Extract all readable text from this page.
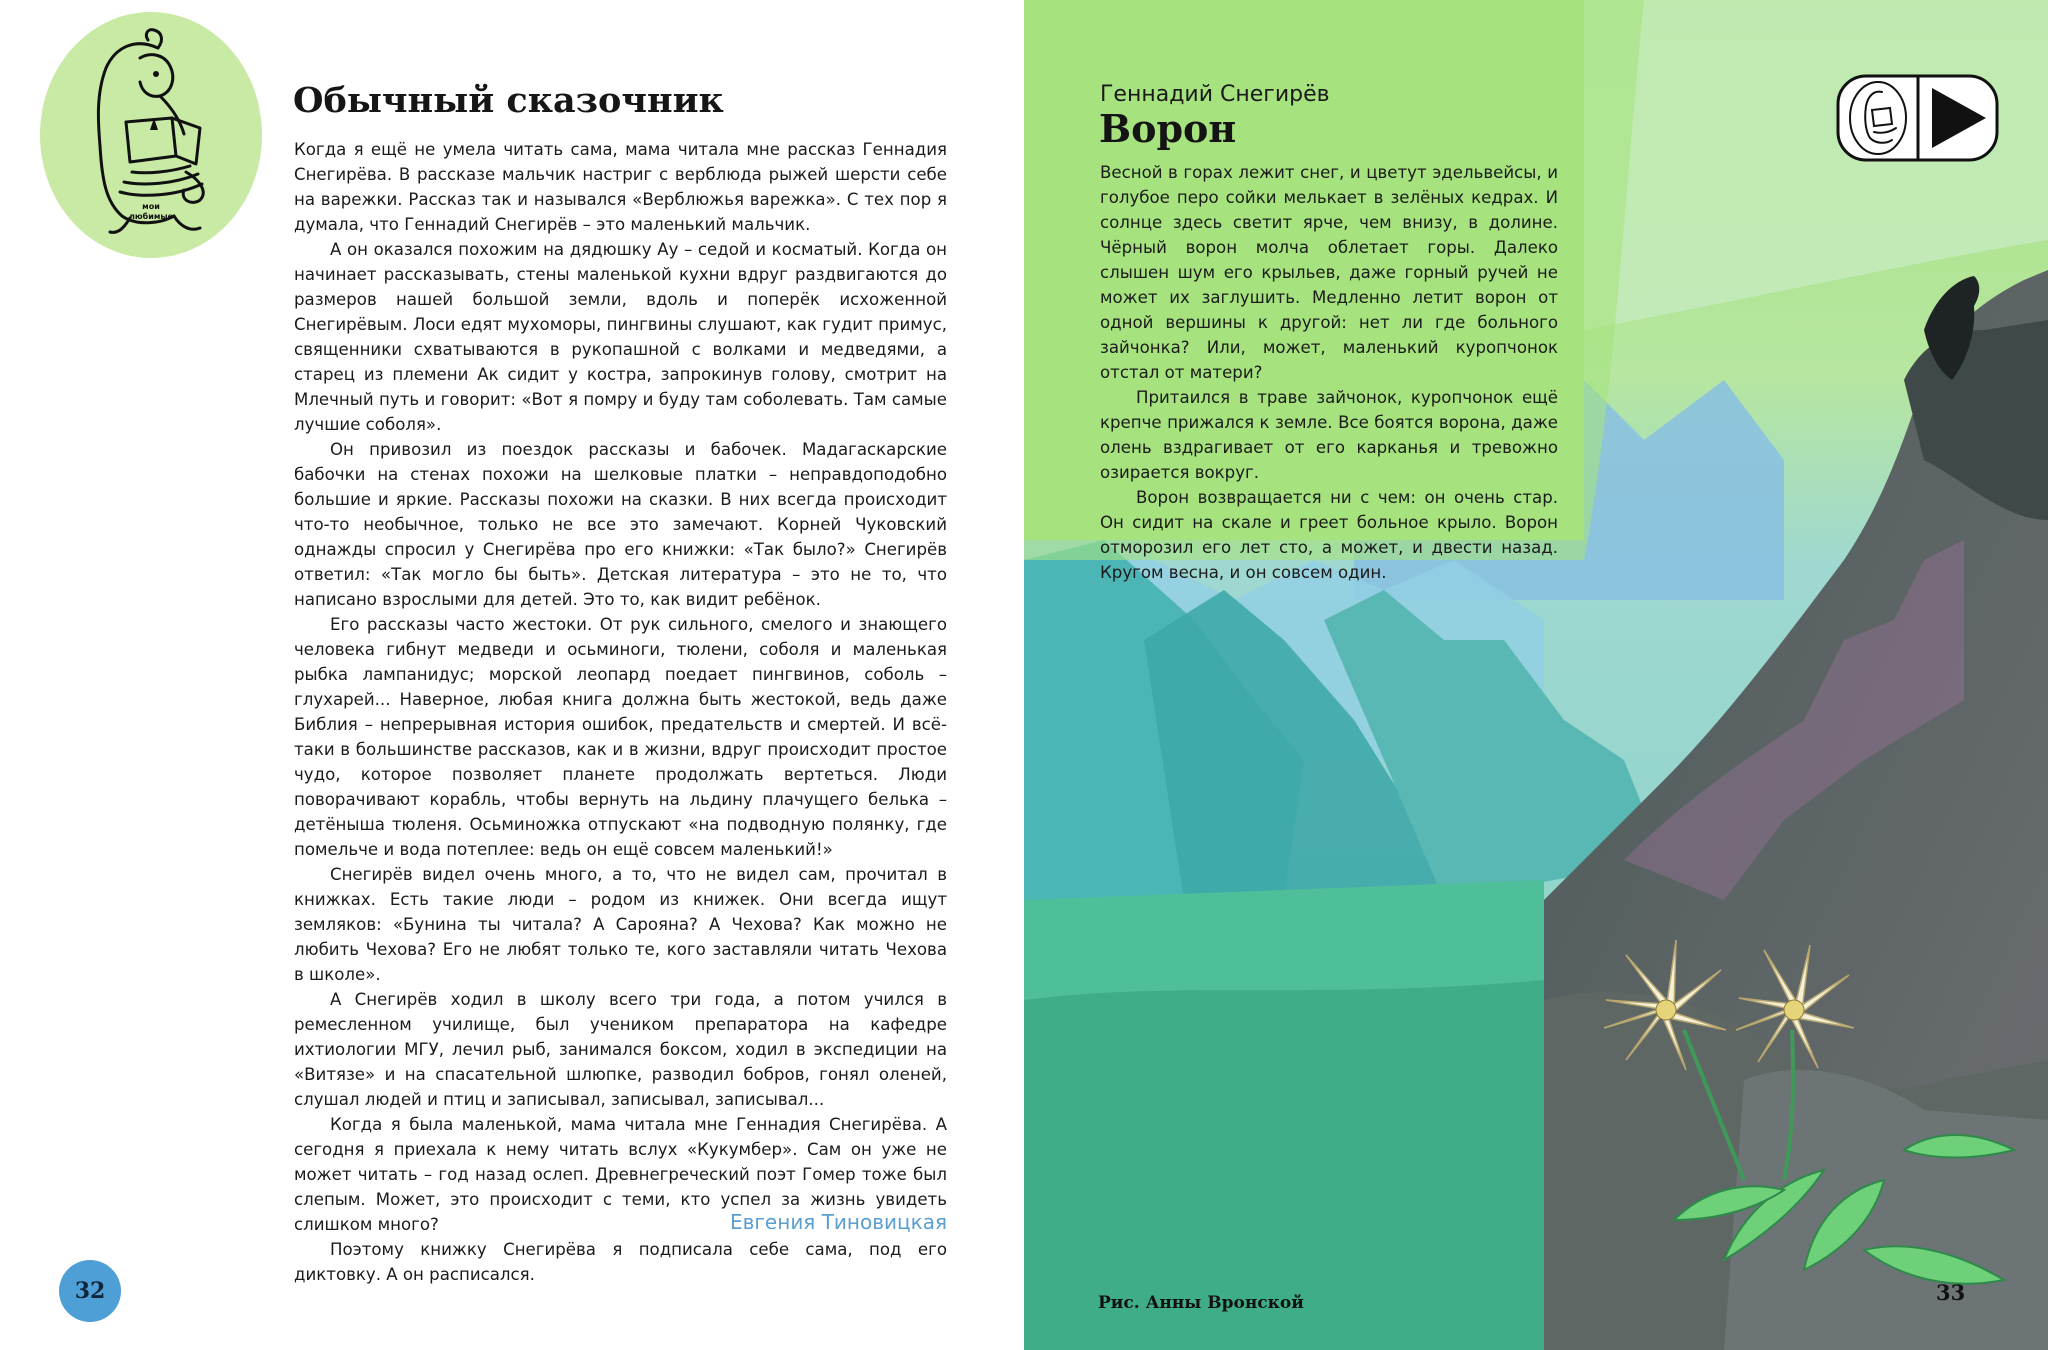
мои
любимые
Обычный сказочник

Когда я ещё не умела читать сама, мама читала мне рассказ Геннадия Снегирёва. В рассказе мальчик настриг с верблюда рыжей шерсти себе на варежки. Рассказ так и назывался «Верблюжья варежка». С тех пор я думала, что Геннадий Снегирёв – это маленький мальчик.

А он оказался похожим на дядюшку Ау – седой и косматый. Когда он начинает рассказывать, стены маленькой кухни вдруг раздвигаются до размеров нашей большой земли, вдоль и поперёк исхоженной Снегирёвым. Лоси едят мухоморы, пингвины слушают, как гудит примус, священники схватываются в рукопашной с волками и медведями, а старец из племени Ак сидит у костра, запрокинув голову, смотрит на Млечный путь и говорит: «Вот я помру и буду там соболевать. Там самые лучшие соболя».

Он привозил из поездок рассказы и бабочек. Мадагаскарские бабочки на стенах похожи на шелковые платки – неправдоподобно большие и яркие. Рассказы похожи на сказки. В них всегда происходит что-то необычное, только не все это замечают. Корней Чуковский однажды спросил у Снегирёва про его книжки: «Так было?» Снегирёв ответил: «Так могло бы быть». Детская литература – это не то, что написано взрослыми для детей. Это то, как видит ребёнок.

Его рассказы часто жестоки. От рук сильного, смелого и знающего человека гибнут медведи и осьминоги, тюлени, соболя и маленькая рыбка лампанидус; морской леопард поедает пингвинов, соболь – глухарей... Наверное, любая книга должна быть жестокой, ведь даже Библия – непрерывная история ошибок, предательств и смертей. И всё-таки в большинстве рассказов, как и в жизни, вдруг происходит простое чудо, которое позволяет планете продолжать вертеться. Люди поворачивают корабль, чтобы вернуть на льдину плачущего белька – детёныша тюленя. Осьминожка отпускают «на подводную полянку, где помельче и вода потеплее: ведь он ещё совсем маленький!»

Снегирёв видел очень много, а то, что не видел сам, прочитал в книжках. Есть такие люди – родом из книжек. Они всегда ищут земляков: «Бунина ты читала? А Сарояна? А Чехова? Как можно не любить Чехова? Его не любят только те, кого заставляли читать Чехова в школе».

А Снегирёв ходил в школу всего три года, а потом учился в ремесленном училище, был учеником препаратора на кафедре ихтиологии МГУ, лечил рыб, занимался боксом, ходил в экспедиции на «Витязе» и на спасательной шлюпке, разводил бобров, гонял оленей, слушал людей и птиц и записывал, записывал, записывал...

Когда я была маленькой, мама читала мне Геннадия Снегирёва. А сегодня я приехала к нему читать вслух «Кукумбер». Сам он уже не может читать – год назад ослеп. Древнегреческий поэт Гомер тоже был слепым. Может, это происходит с теми, кто успел за жизнь увидеть слишком много?

Поэтому книжку Снегирёва я подписала себе сама, под его диктовку. А он расписался.

Евгения Тиновицкая
32
Геннадий Снегирёв
Ворон

Весной в горах лежит снег, и цветут эдельвейсы, и голубое перо сойки мелькает в зелёных кедрах. И солнце здесь светит ярче, чем внизу, в долине. Чёрный ворон молча облетает горы. Далеко слышен шум его крыльев, даже горный ручей не может их заглушить. Медленно летит ворон от одной вершины к другой: нет ли где больного зайчонка? Или, может, маленький куропчонок отстал от матери?

Притаился в траве зайчонок, куропчонок ещё крепче прижался к земле. Все боятся ворона, даже олень вздрагивает от его карканья и тревожно озирается вокруг.

Ворон возвращается ни с чем: он очень стар. Он сидит на скале и греет больное крыло. Ворон отморозил его лет сто, а может, и двести назад. Кругом весна, и он совсем один.

Рис. Анны Вронской	33
